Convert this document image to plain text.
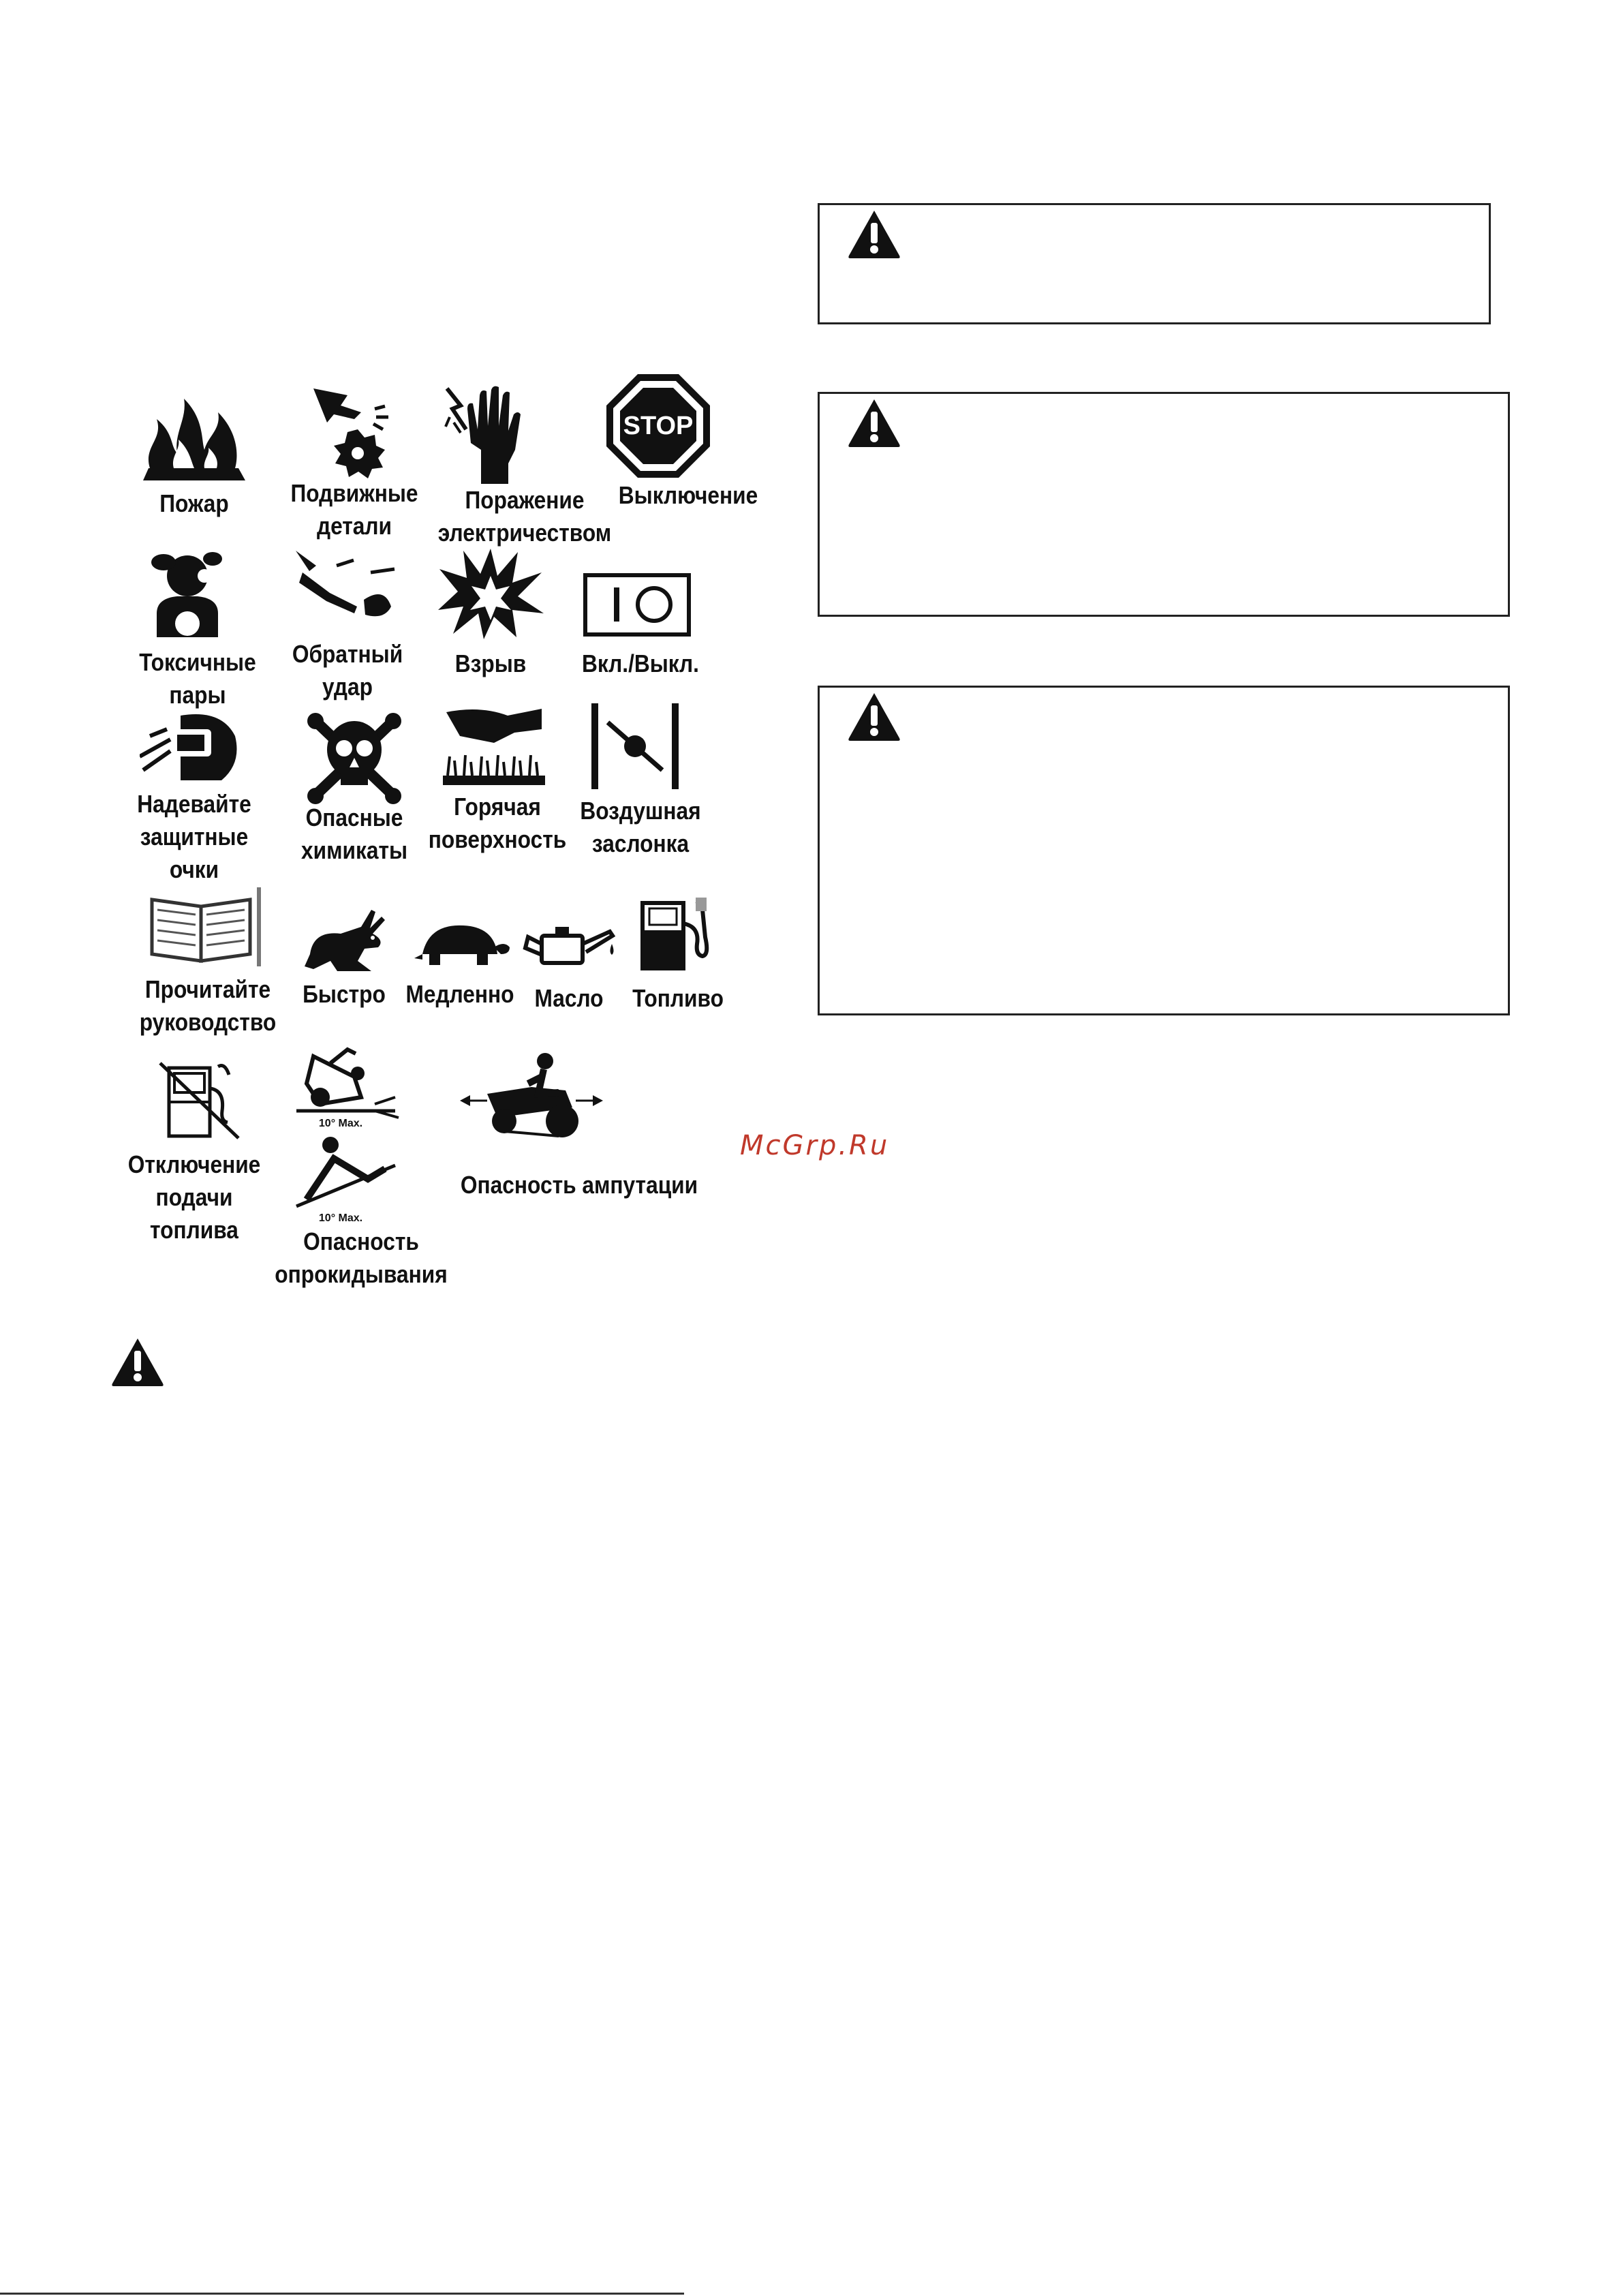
McGrp.Ru
Пожар	Подвижные
детали
Поражение
электричеством
STOP
Выключение
Токсичные
пары
Обратный
удар
Взрыв	Вкл./Выкл.
Надевайте
защитные
очки
Опасные
химикаты
Горячая
поверхность
Воздушная
заслонка
Прочитайте
руководство
Быстро Медленно Масло	Топливо
Отключение
подачи
топлива
10° Max.
10° Max.
Опасность
опрокидывания
Опасность ампутации
